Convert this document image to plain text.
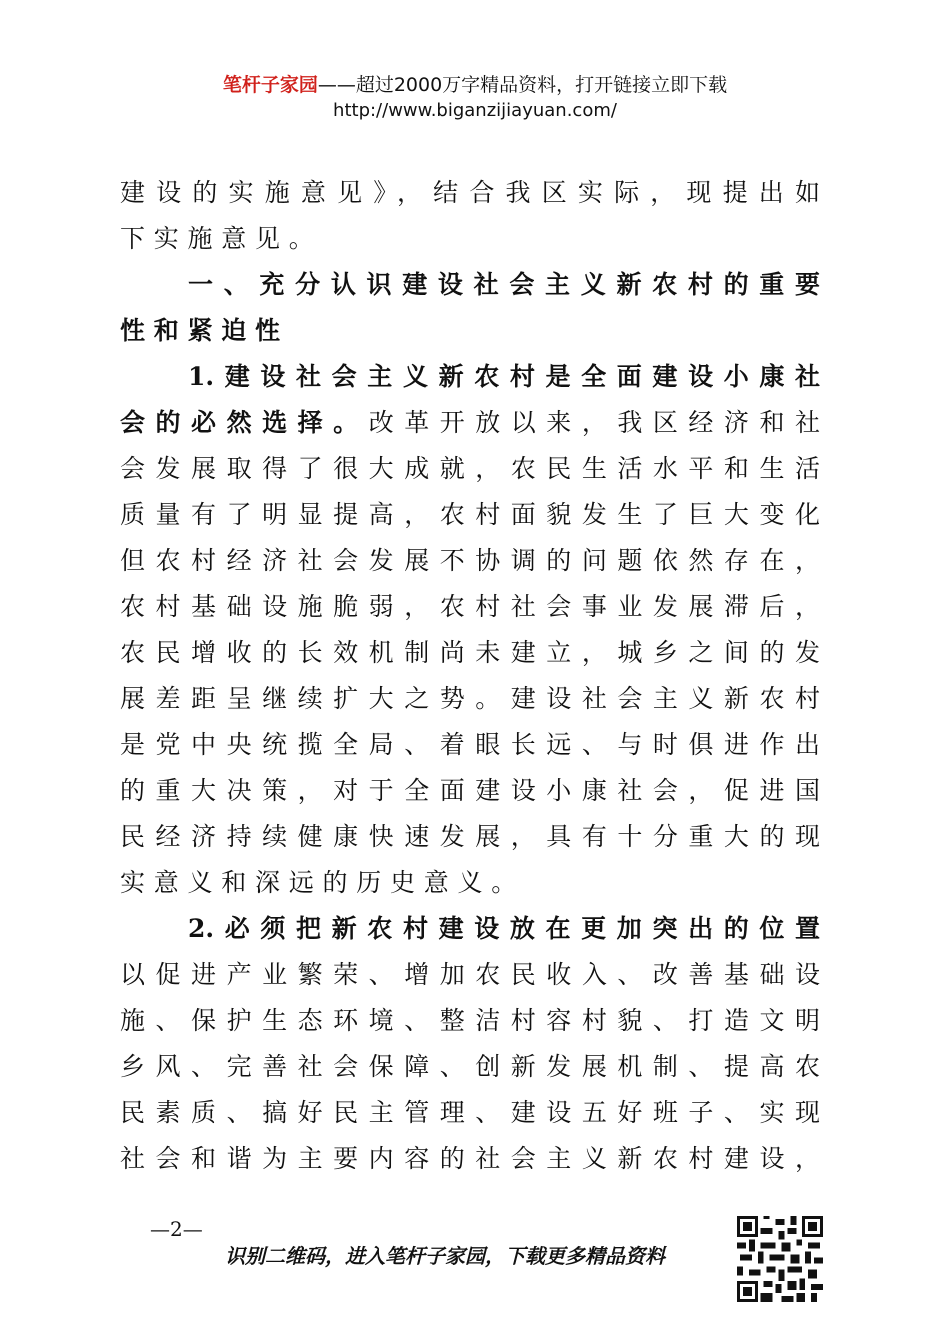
笔杆子家园——超过2000万字精品资料，打开链接立即下载
http://www.biganzijiayuan.com/
建设的实施意见》，结合我区实际，现提出如
下实施意见。
一、充分认识建设社会主义新农村的重要
性和紧迫性
1.建设社会主义新农村是全面建设小康社
会的必然选择。改革开放以来，我区经济和社
会发展取得了很大成就，农民生活水平和生活
质量有了明显提高，农村面貌发生了巨大变化
但农村经济社会发展不协调的问题依然存在，
农村基础设施脆弱，农村社会事业发展滞后，
农民增收的长效机制尚未建立，城乡之间的发
展差距呈继续扩大之势。建设社会主义新农村
是党中央统揽全局、着眼长远、与时俱进作出
的重大决策，对于全面建设小康社会，促进国
民经济持续健康快速发展，具有十分重大的现
实意义和深远的历史意义。
2.必须把新农村建设放在更加突出的位置
以促进产业繁荣、增加农民收入、改善基础设
施、保护生态环境、整洁村容村貌、打造文明
乡风、完善社会保障、创新发展机制、提高农
民素质、搞好民主管理、建设五好班子、实现
社会和谐为主要内容的社会主义新农村建设，
—2—
识别二维码，进入笔杆子家园，下载更多精品资料
